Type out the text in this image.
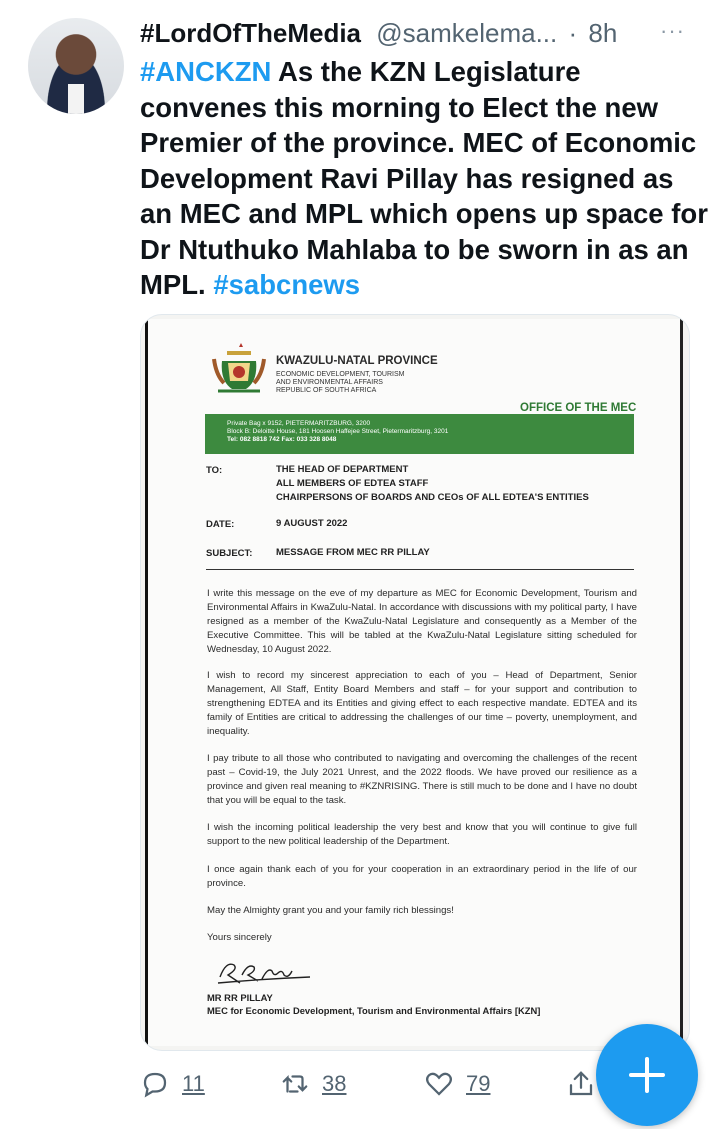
#LordOfTheMedia @samkelema... · 8h	···
#ANCKZN As the KZN Legislature convenes this morning to Elect the new Premier of the province. MEC of Economic Development Ravi Pillay has resigned as an MEC and MPL which opens up space for Dr Ntuthuko Mahlaba to be sworn in as an MPL. #sabcnews
KWAZULU-NATAL PROVINCE
ECONOMIC DEVELOPMENT, TOURISM
AND ENVIRONMENTAL AFFAIRS
REPUBLIC OF SOUTH AFRICA
OFFICE OF THE MEC
Private Bag x 9152, PIETERMARITZBURG, 3200
Block B: Deloitte House, 181 Hoosen Haffejee Street, Pietermaritzburg, 3201
Tel: 082 8818 742 Fax: 033 328 8048
TO:	THE HEAD OF DEPARTMENT
ALL MEMBERS OF EDTEA STAFF
CHAIRPERSONS OF BOARDS AND CEOs OF ALL EDTEA'S ENTITIES
DATE:	9 AUGUST 2022
SUBJECT: MESSAGE FROM MEC RR PILLAY
I write this message on the eve of my departure as MEC for Economic Development, Tourism and Environmental Affairs in KwaZulu-Natal. In accordance with discussions with my political party, I have resigned as a member of the KwaZulu-Natal Legislature and consequently as a Member of the Executive Committee. This will be tabled at the KwaZulu-Natal Legislature sitting scheduled for Wednesday, 10 August 2022.
I wish to record my sincerest appreciation to each of you – Head of Department, Senior Management, All Staff, Entity Board Members and staff – for your support and contribution to strengthening EDTEA and its Entities and giving effect to each respective mandate. EDTEA and its family of Entities are critical to addressing the challenges of our time – poverty, unemployment, and inequality.
I pay tribute to all those who contributed to navigating and overcoming the challenges of the recent past – Covid-19, the July 2021 Unrest, and the 2022 floods. We have proved our resilience as a province and given real meaning to #KZNRISING. There is still much to be done and I have no doubt that you will be equal to the task.
I wish the incoming political leadership the very best and know that you will continue to give full support to the new political leadership of the Department.
I once again thank each of you for your cooperation in an extraordinary period in the life of our province.
May the Almighty grant you and your family rich blessings!
Yours sincerely
MR RR PILLAY
MEC for Economic Development, Tourism and Environmental Affairs [KZN]
11	38	79
